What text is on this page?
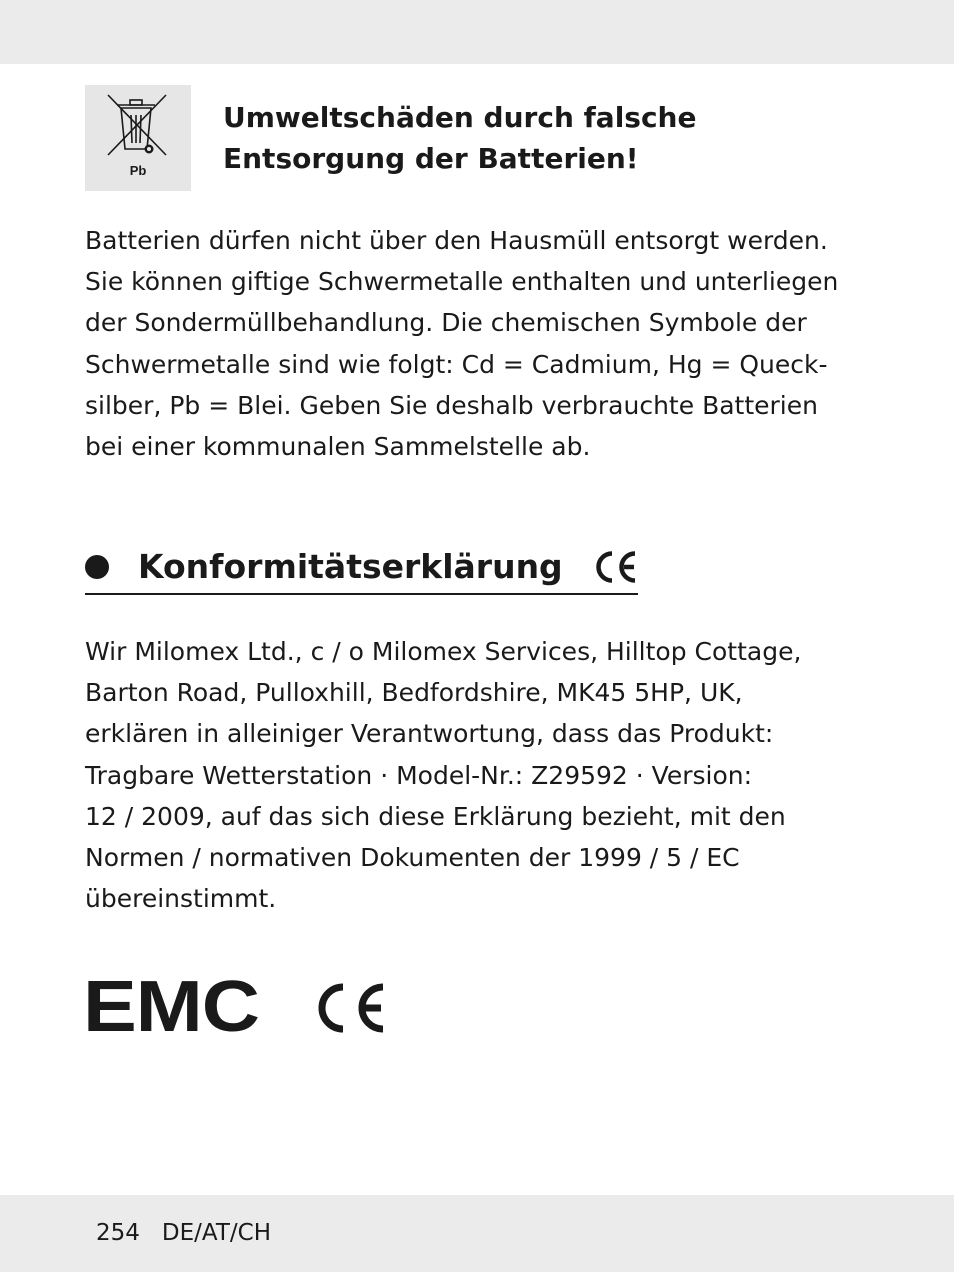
Pb
Umweltschäden durch falsche
Entsorgung der Batterien!
Batterien dürfen nicht über den Hausmüll entsorgt werden.
Sie können giftige Schwermetalle enthalten und unterliegen
der Sondermüllbehandlung. Die chemischen Symbole der
Schwermetalle sind wie folgt: Cd = Cadmium, Hg = Queck-
silber, Pb = Blei. Geben Sie deshalb verbrauchte Batterien
bei einer kommunalen Sammelstelle ab.
Konformitätserklärung
Wir Milomex Ltd., c / o Milomex Services, Hilltop Cottage,
Barton Road, Pulloxhill, Bedfordshire, MK45 5HP, UK,
erklären in alleiniger Verantwortung, dass das Produkt:
Tragbare Wetterstation · Model-Nr.: Z29592 · Version:
12 / 2009, auf das sich diese Erklärung bezieht, mit den
Normen / normativen Dokumenten der 1999 / 5 / EC
übereinstimmt.
EMC
254 DE/AT/CH
